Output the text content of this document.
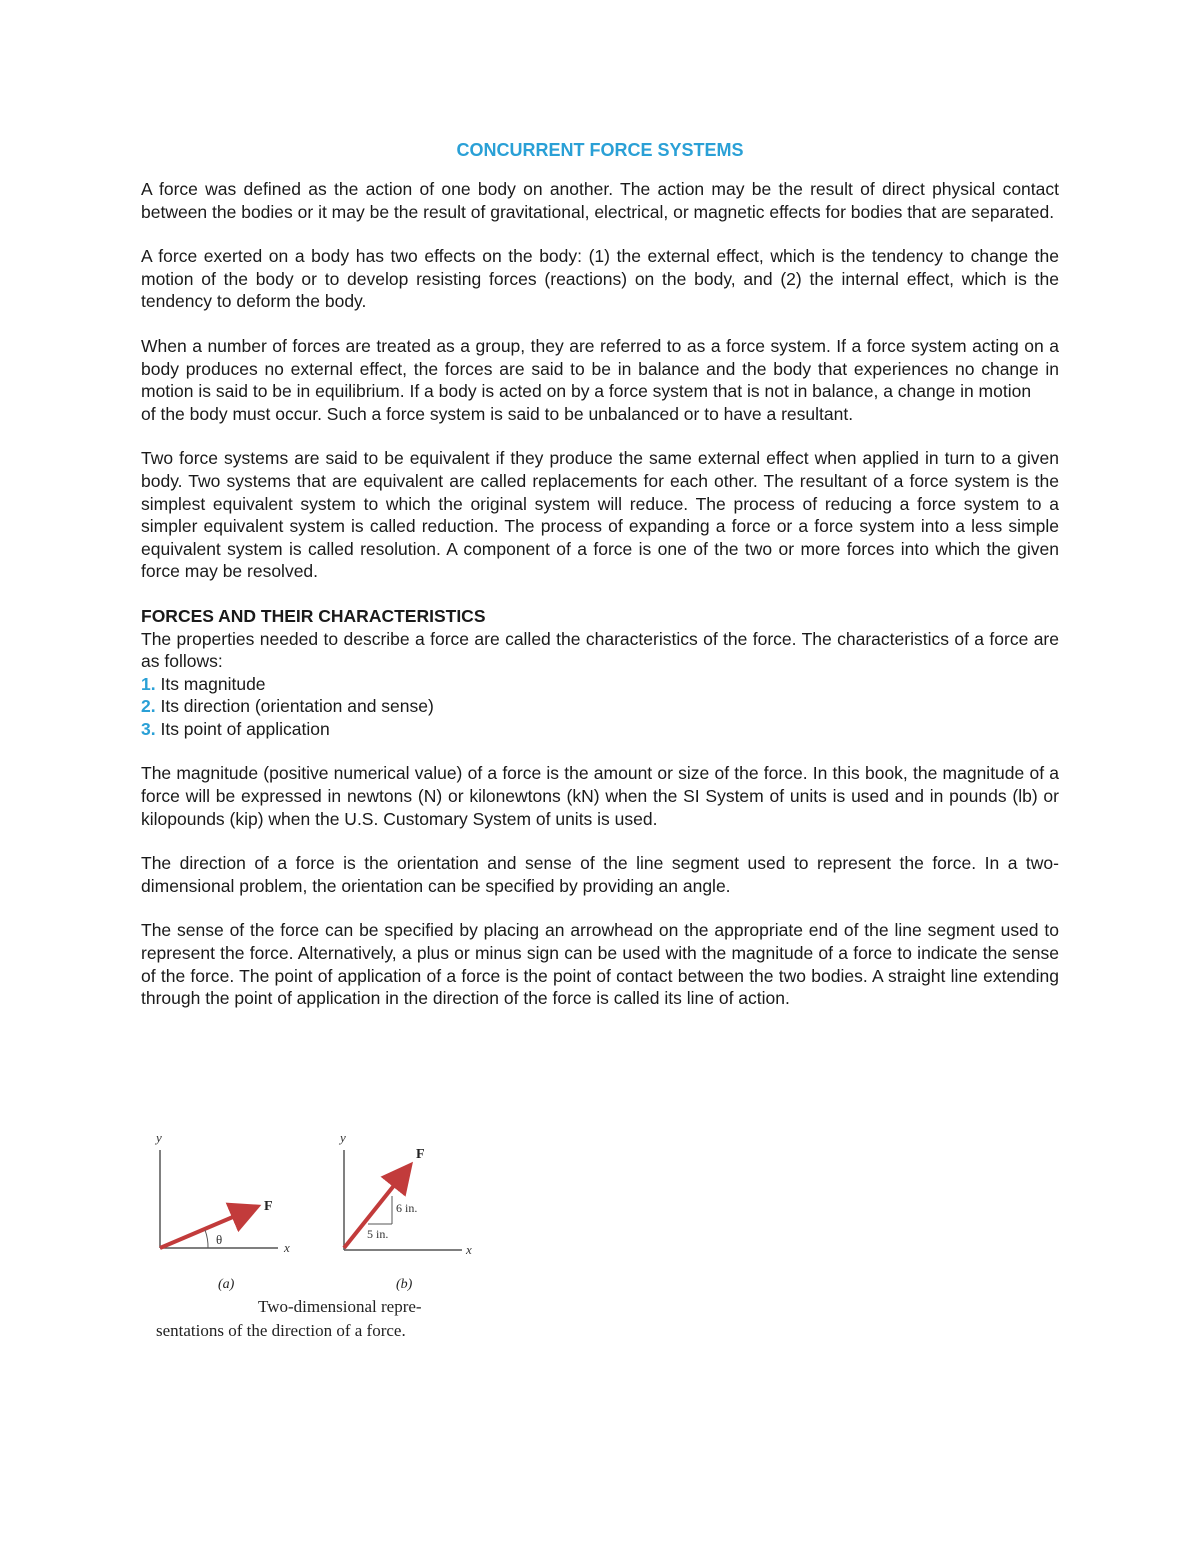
CONCURRENT FORCE SYSTEMS

A force was defined as the action of one body on another. The action may be the result of direct physical contact between the bodies or it may be the result of gravitational, electrical, or magnetic effects for bodies that are separated.

A force exerted on a body has two effects on the body: (1) the external effect, which is the tendency to change the motion of the body or to develop resisting forces (reactions) on the body, and (2) the internal effect, which is the tendency to deform the body.

When a number of forces are treated as a group, they are referred to as a force system. If a force system acting on a body produces no external effect, the forces are said to be in balance and the body that experiences no change in motion is said to be in equilibrium. If a body is acted on by a force system that is not in balance, a change in motion

of the body must occur. Such a force system is said to be unbalanced or to have a resultant.

Two force systems are said to be equivalent if they produce the same external effect when applied in turn to a given body. Two systems that are equivalent are called replacements for each other. The resultant of a force system is the simplest equivalent system to which the original system will reduce. The process of reducing a force system to a simpler equivalent system is called reduction. The process of expanding a force or a force system into a less simple equivalent system is called resolution. A component of a force is one of the two or more forces into which the given force may be resolved.

FORCES AND THEIR CHARACTERISTICS

The properties needed to describe a force are called the characteristics of the force. The characteristics of a force are as follows:

1. Its magnitude
2. Its direction (orientation and sense)
3. Its point of application

The magnitude (positive numerical value) of a force is the amount or size of the force. In this book, the magnitude of a force will be expressed in newtons (N) or kilonewtons (kN) when the SI System of units is used and in pounds (lb) or kilopounds (kip) when the U.S. Customary System of units is used.

The direction of a force is the orientation and sense of the line segment used to represent the force. In a two-dimensional problem, the orientation can be specified by providing an angle.

The sense of the force can be specified by placing an arrowhead on the appropriate end of the line segment used to represent the force. Alternatively, a plus or minus sign can be used with the magnitude of a force to indicate the sense of the force. The point of application of a force is the point of contact between the two bodies. A straight line extending through the point of application in the direction of the force is called its line of action.

y
x
F
θ
(a)
y
x
F
6 in.
5 in.
(b)
Two-dimensional repre-
sentations of the direction of a force.
